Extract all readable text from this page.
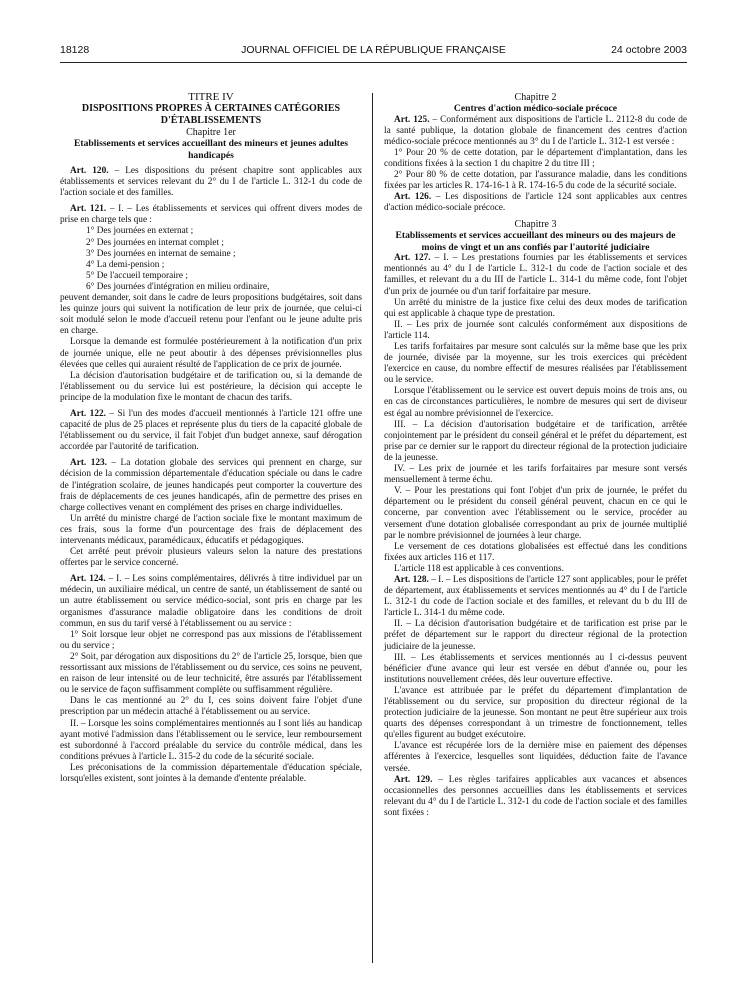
18128	JOURNAL OFFICIEL DE LA RÉPUBLIQUE FRANÇAISE	24 octobre 2003

TITRE IV

DISPOSITIONS PROPRES À CERTAINES CATÉGORIES D'ÉTABLISSEMENTS

Chapitre 1er

Etablissements et services accueillant des mineurs et jeunes adultes handicapés

Art. 120. – Les dispositions du présent chapitre sont applicables aux établissements et services relevant du 2° du I de l'article L. 312-1 du code de l'action sociale et des familles.

Art. 121. – I. – Les établissements et services qui offrent divers modes de prise en charge tels que :

1° Des journées en externat ;

2° Des journées en internat complet ;

3° Des journées en internat de semaine ;

4° La demi-pension ;

5° De l'accueil temporaire ;

6° Des journées d'intégration en milieu ordinaire,

peuvent demander, soit dans le cadre de leurs propositions budgétaires, soit dans les quinze jours qui suivent la notification de leur prix de journée, que celui-ci soit modulé selon le mode d'accueil retenu pour l'enfant ou le jeune adulte pris en charge.

Lorsque la demande est formulée postérieurement à la notification d'un prix de journée unique, elle ne peut aboutir à des dépenses prévisionnelles plus élevées que celles qui auraient résulté de l'application de ce prix de journée.

La décision d'autorisation budgétaire et de tarification ou, si la demande de l'établissement ou du service lui est postérieure, la décision qui accepte le principe de la modulation fixe le montant de chacun des tarifs.

Art. 122. – Si l'un des modes d'accueil mentionnés à l'article 121 offre une capacité de plus de 25 places et représente plus du tiers de la capacité globale de l'établissement ou du service, il fait l'objet d'un budget annexe, sauf dérogation accordée par l'autorité de tarification.

Art. 123. – La dotation globale des services qui prennent en charge, sur décision de la commission départementale d'éducation spéciale ou dans le cadre de l'intégration scolaire, de jeunes handicapés peut comporter la couverture des frais de déplacements de ces jeunes handicapés, afin de permettre des prises en charge collectives venant en complément des prises en charge individuelles.

Un arrêté du ministre chargé de l'action sociale fixe le montant maximum de ces frais, sous la forme d'un pourcentage des frais de déplacement des intervenants médicaux, paramédicaux, éducatifs et pédagogiques.

Cet arrêté peut prévoir plusieurs valeurs selon la nature des prestations offertes par le service concerné.

Art. 124. – I. – Les soins complémentaires, délivrés à titre individuel par un médecin, un auxiliaire médical, un centre de santé, un établissement de santé ou un autre établissement ou service médico-social, sont pris en charge par les organismes d'assurance maladie obligatoire dans les conditions de droit commun, en sus du tarif versé à l'établissement ou au service :

1° Soit lorsque leur objet ne correspond pas aux missions de l'établissement ou du service ;

2° Soit, par dérogation aux dispositions du 2° de l'article 25, lorsque, bien que ressortissant aux missions de l'établissement ou du service, ces soins ne peuvent, en raison de leur intensité ou de leur technicité, être assurés par l'établissement ou le service de façon suffisamment complète ou suffisamment régulière.

Dans le cas mentionné au 2° du I, ces soins doivent faire l'objet d'une prescription par un médecin attaché à l'établissement ou au service.

II. – Lorsque les soins complémentaires mentionnés au I sont liés au handicap ayant motivé l'admission dans l'établissement ou le service, leur remboursement est subordonné à l'accord préalable du service du contrôle médical, dans les conditions prévues à l'article L. 315-2 du code de la sécurité sociale.

Les préconisations de la commission départementale d'éducation spéciale, lorsqu'elles existent, sont jointes à la demande d'entente préalable.

Chapitre 2

Centres d'action médico-sociale précoce

Art. 125. – Conformément aux dispositions de l'article L. 2112-8 du code de la santé publique, la dotation globale de financement des centres d'action médico-sociale précoce mentionnés au 3° du I de l'article L. 312-1 est versée :

1° Pour 20 % de cette dotation, par le département d'implantation, dans les conditions fixées à la section 1 du chapitre 2 du titre III ;

2° Pour 80 % de cette dotation, par l'assurance maladie, dans les conditions fixées par les articles R. 174-16-1 à R. 174-16-5 du code de la sécurité sociale.

Art. 126. – Les dispositions de l'article 124 sont applicables aux centres d'action médico-sociale précoce.

Chapitre 3

Etablissements et services accueillant des mineurs ou des majeurs de moins de vingt et un ans confiés par l'autorité judiciaire

Art. 127. – I. – Les prestations fournies par les établissements et services mentionnés au 4° du I de l'article L. 312-1 du code de l'action sociale et des familles, et relevant du a du III de l'article L. 314-1 du même code, font l'objet d'un prix de journée ou d'un tarif forfaitaire par mesure.

Un arrêté du ministre de la justice fixe celui des deux modes de tarification qui est applicable à chaque type de prestation.

II. – Les prix de journée sont calculés conformément aux dispositions de l'article 114.

Les tarifs forfaitaires par mesure sont calculés sur la même base que les prix de journée, divisée par la moyenne, sur les trois exercices qui précèdent l'exercice en cause, du nombre effectif de mesures réalisées par l'établissement ou le service.

Lorsque l'établissement ou le service est ouvert depuis moins de trois ans, ou en cas de circonstances particulières, le nombre de mesures qui sert de diviseur est égal au nombre prévisionnel de l'exercice.

III. – La décision d'autorisation budgétaire et de tarification, arrêtée conjointement par le président du conseil général et le préfet du département, est prise par ce dernier sur le rapport du directeur régional de la protection judiciaire de la jeunesse.

IV. – Les prix de journée et les tarifs forfaitaires par mesure sont versés mensuellement à terme échu.

V. – Pour les prestations qui font l'objet d'un prix de journée, le préfet du département ou le président du conseil général peuvent, chacun en ce qui le concerne, par convention avec l'établissement ou le service, procéder au versement d'une dotation globalisée correspondant au prix de journée multiplié par le nombre prévisionnel de journées à leur charge.

Le versement de ces dotations globalisées est effectué dans les conditions fixées aux articles 116 et 117.

L'article 118 est applicable à ces conventions.

Art. 128. – I. – Les dispositions de l'article 127 sont applicables, pour le préfet de département, aux établissements et services mentionnés au 4° du I de l'article L. 312-1 du code de l'action sociale et des familles, et relevant du b du III de l'article L. 314-1 du même code.

II. – La décision d'autorisation budgétaire et de tarification est prise par le préfet de département sur le rapport du directeur régional de la protection judiciaire de la jeunesse.

III. – Les établissements et services mentionnés au I ci-dessus peuvent bénéficier d'une avance qui leur est versée en début d'année ou, pour les institutions nouvellement créées, dès leur ouverture effective.

L'avance est attribuée par le préfet du département d'implantation de l'établissement ou du service, sur proposition du directeur régional de la protection judiciaire de la jeunesse. Son montant ne peut être supérieur aux trois quarts des dépenses correspondant à un trimestre de fonctionnement, telles qu'elles figurent au budget exécutoire.

L'avance est récupérée lors de la dernière mise en paiement des dépenses afférentes à l'exercice, lesquelles sont liquidées, déduction faite de l'avance versée.

Art. 129. – Les règles tarifaires applicables aux vacances et absences occasionnelles des personnes accueillies dans les établissements et services relevant du 4° du I de l'article L. 312-1 du code de l'action sociale et des familles sont fixées :
